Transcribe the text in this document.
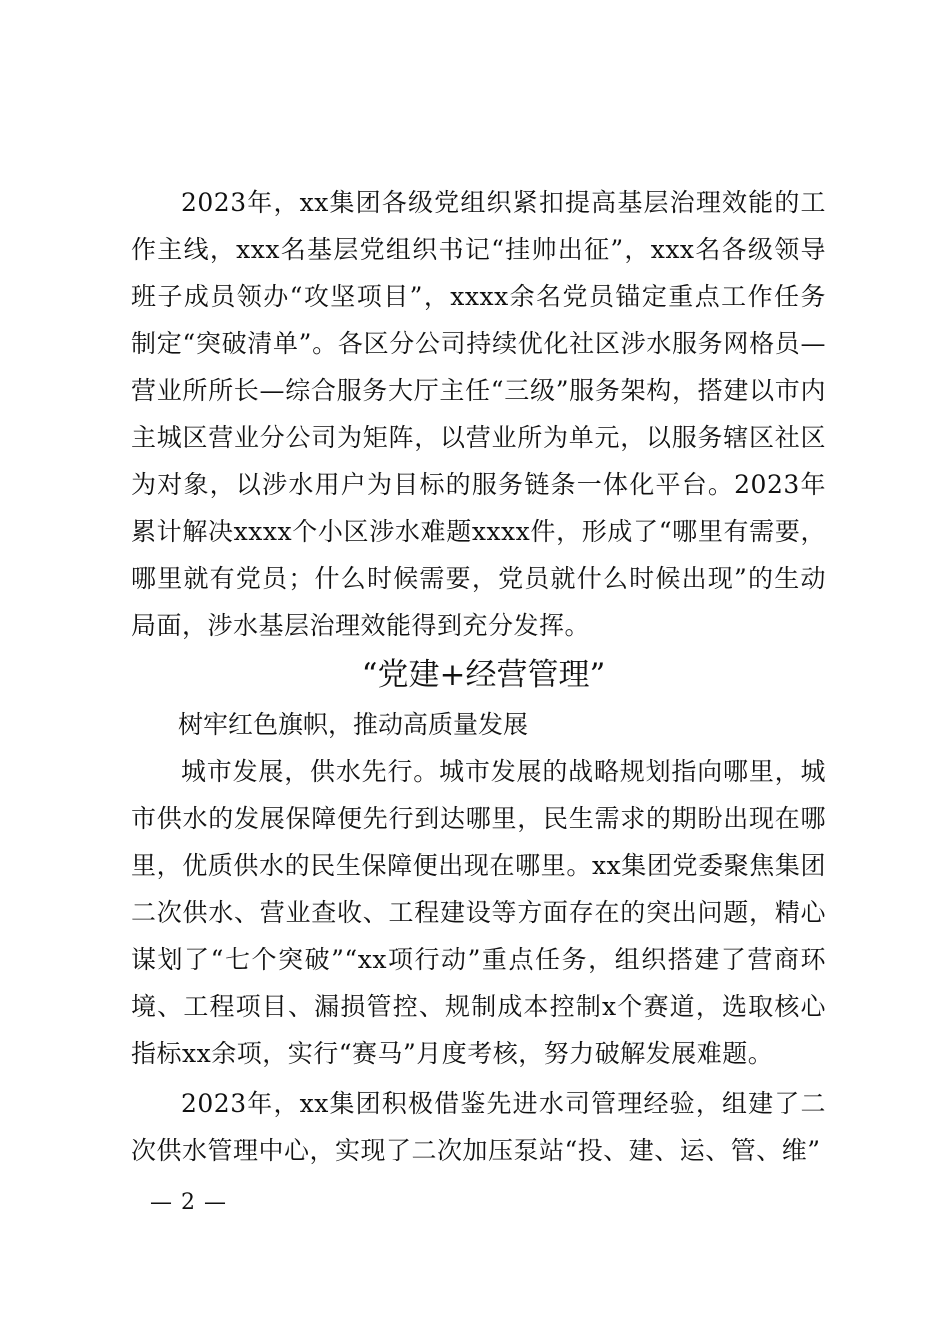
2023年，xx集团各级党组织紧扣提高基层治理效能的工作主线，xxx名基层党组织书记“挂帅出征”，xxx名各级领导班子成员领办“攻坚项目”，xxxx余名党员锚定重点工作任务制定“突破清单”。各区分公司持续优化社区涉水服务网格员—营业所所长—综合服务大厅主任“三级”服务架构，搭建以市内主城区营业分公司为矩阵，以营业所为单元，以服务辖区社区为对象，以涉水用户为目标的服务链条一体化平台。2023年累计解决xxxx个小区涉水难题xxxx件，形成了“哪里有需要，哪里就有党员；什么时候需要，党员就什么时候出现”的生动局面，涉水基层治理效能得到充分发挥。

“党建+经营管理”

树牢红色旗帜，推动高质量发展

城市发展，供水先行。城市发展的战略规划指向哪里，城市供水的发展保障便先行到达哪里，民生需求的期盼出现在哪里，优质供水的民生保障便出现在哪里。xx集团党委聚焦集团二次供水、营业查收、工程建设等方面存在的突出问题，精心谋划了“七个突破”“xx项行动”重点任务，组织搭建了营商环境、工程项目、漏损管控、规制成本控制x个赛道，选取核心指标xx余项，实行“赛马”月度考核，努力破解发展难题。

2023年，xx集团积极借鉴先进水司管理经验，组建了二次供水管理中心，实现了二次加压泵站“投、建、运、管、维”

— 2 —
